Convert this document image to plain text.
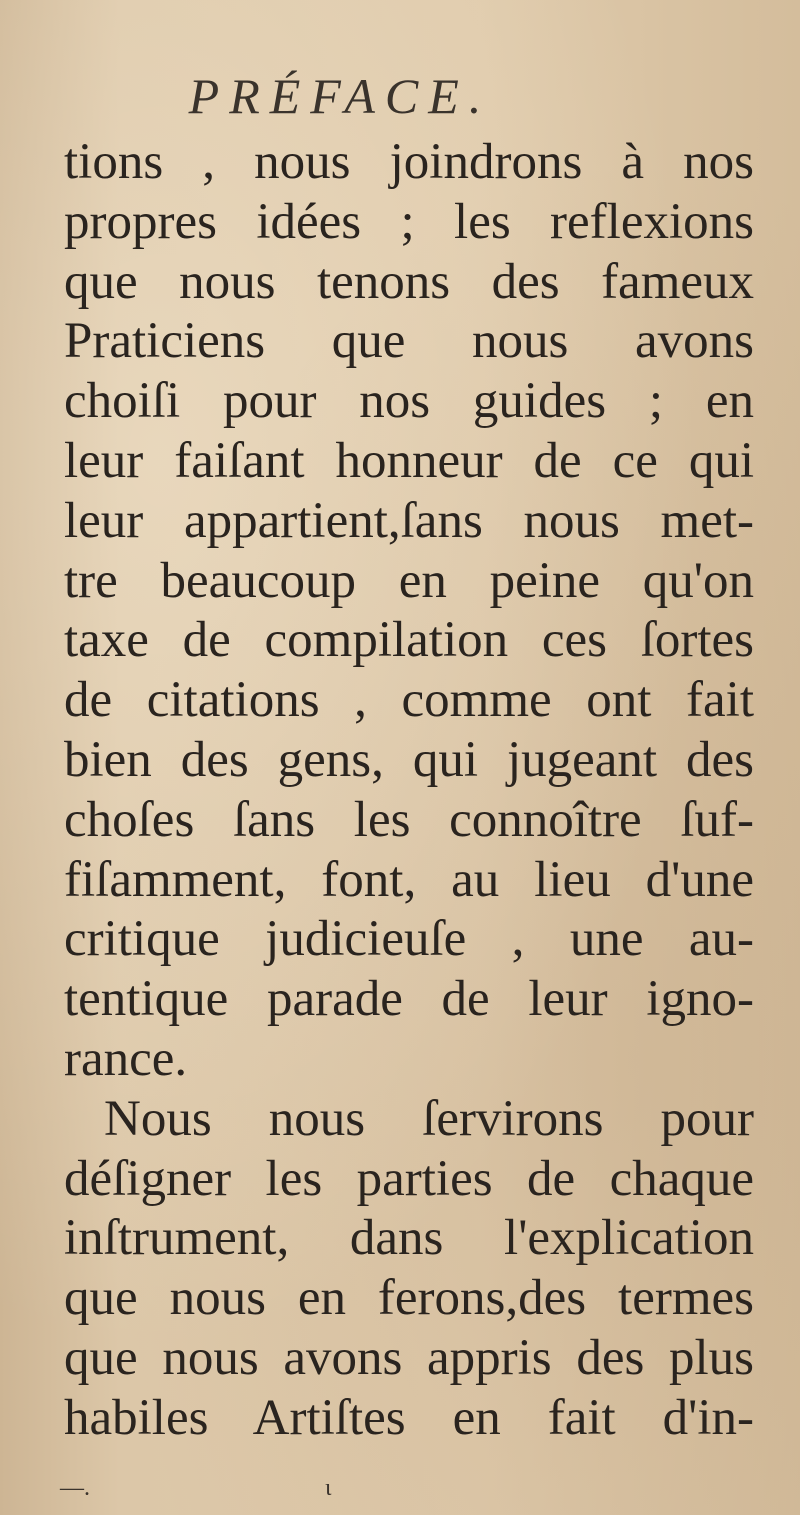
PRÉFACE.
tions , nous joindrons à nos
propres idées ; les reflexions
que nous tenons des fameux
Praticiens que nous avons
choiſi pour nos guides ; en
leur faiſant honneur de ce qui
leur appartient,ſans nous met-
tre beaucoup en peine qu'on
taxe de compilation ces ſortes
de citations , comme ont fait
bien des gens, qui jugeant des
choſes ſans les connoître ſuf-
fiſamment, font, au lieu d'une
critique judicieuſe , une au-
tentique parade de leur igno-
rance.
Nous nous ſervirons pour
déſigner les parties de chaque
inſtrument, dans l'explication
que nous en ferons,des termes
que nous avons appris des plus
habiles Artiſtes en fait d'in-
—.	ι
